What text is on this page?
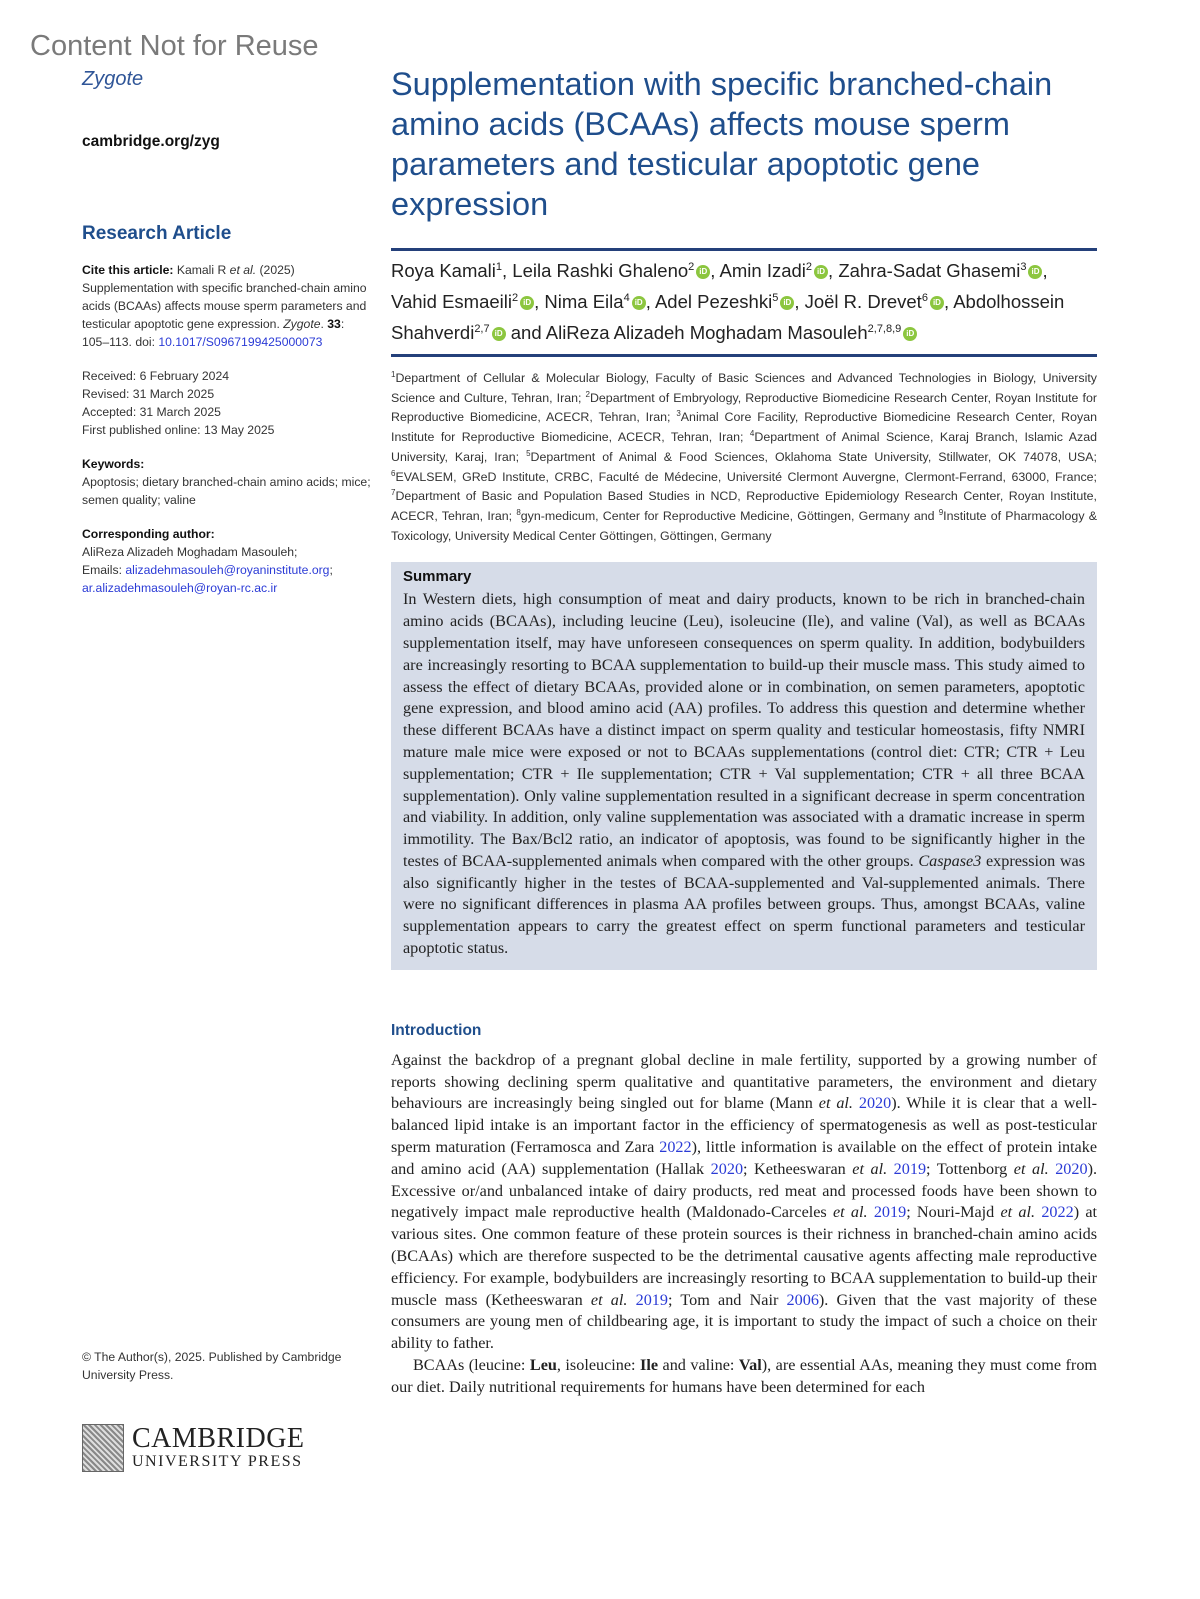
Content Not for Reuse
Zygote
cambridge.org/zyg
Research Article
Cite this article: Kamali R et al. (2025) Supplementation with specific branched-chain amino acids (BCAAs) affects mouse sperm parameters and testicular apoptotic gene expression. Zygote. 33: 105–113. doi: 10.1017/S0967199425000073
Received: 6 February 2024
Revised: 31 March 2025
Accepted: 31 March 2025
First published online: 13 May 2025
Keywords:
Apoptosis; dietary branched-chain amino acids; mice; semen quality; valine
Corresponding author:
AliReza Alizadeh Moghadam Masouleh;
Emails: alizadehmasouleh@royaninstitute.org;
ar.alizadehmasouleh@royan-rc.ac.ir
© The Author(s), 2025. Published by Cambridge University Press.
CAMBRIDGE
UNIVERSITY PRESS
Supplementation with specific branched-chain amino acids (BCAAs) affects mouse sperm parameters and testicular apoptotic gene expression
Roya Kamali$^1$, Leila Rashki Ghaleno$^2$ iD , Amin Izadi$^2$ iD , Zahra-Sadat Ghasemi$^3$ iD , Vahid Esmaeili$^2$ iD , Nima Eila$^4$ iD , Adel Pezeshki$^5$ iD , Joël R. Drevet$^6$ iD , Abdolhossein Shahverdi$^{2,7}$ iD and AliReza Alizadeh Moghadam Masouleh$^{2,7,8,9}$ iD
$^1$Department of Cellular & Molecular Biology, Faculty of Basic Sciences and Advanced Technologies in Biology, University Science and Culture, Tehran, Iran; $^2$Department of Embryology, Reproductive Biomedicine Research Center, Royan Institute for Reproductive Biomedicine, ACECR, Tehran, Iran; $^3$Animal Core Facility, Reproductive Biomedicine Research Center, Royan Institute for Reproductive Biomedicine, ACECR, Tehran, Iran; $^4$Department of Animal Science, Karaj Branch, Islamic Azad University, Karaj, Iran; $^5$Department of Animal & Food Sciences, Oklahoma State University, Stillwater, OK 74078, USA; $^6$EVALSEM, GReD Institute, CRBC, Faculté de Médecine, Université Clermont Auvergne, Clermont-Ferrand, 63000, France; $^7$Department of Basic and Population Based Studies in NCD, Reproductive Epidemiology Research Center, Royan Institute, ACECR, Tehran, Iran; $^8$gyn-medicum, Center for Reproductive Medicine, Göttingen, Germany and $^9$Institute of Pharmacology & Toxicology, University Medical Center Göttingen, Göttingen, Germany
Summary
In Western diets, high consumption of meat and dairy products, known to be rich in branched-chain amino acids (BCAAs), including leucine (Leu), isoleucine (Ile), and valine (Val), as well as BCAAs supplementation itself, may have unforeseen consequences on sperm quality. In addition, bodybuilders are increasingly resorting to BCAA supplementation to build-up their muscle mass. This study aimed to assess the effect of dietary BCAAs, provided alone or in combination, on semen parameters, apoptotic gene expression, and blood amino acid (AA) profiles. To address this question and determine whether these different BCAAs have a distinct impact on sperm quality and testicular homeostasis, fifty NMRI mature male mice were exposed or not to BCAAs supplementations (control diet: CTR; CTR + Leu supplementation; CTR + Ile supplementation; CTR + Val supplementation; CTR + all three BCAA supplementation). Only valine supplementation resulted in a significant decrease in sperm concentration and viability. In addition, only valine supplementation was associated with a dramatic increase in sperm immotility. The Bax/Bcl2 ratio, an indicator of apoptosis, was found to be significantly higher in the testes of BCAA-supplemented animals when compared with the other groups. Caspase3 expression was also significantly higher in the testes of BCAA-supplemented and Val-supplemented animals. There were no significant differences in plasma AA profiles between groups. Thus, amongst BCAAs, valine supplementation appears to carry the greatest effect on sperm functional parameters and testicular apoptotic status.
Introduction

Against the backdrop of a pregnant global decline in male fertility, supported by a growing number of reports showing declining sperm qualitative and quantitative parameters, the environment and dietary behaviours are increasingly being singled out for blame (Mann et al. 2020). While it is clear that a well-balanced lipid intake is an important factor in the efficiency of spermatogenesis as well as post-testicular sperm maturation (Ferramosca and Zara 2022), little information is available on the effect of protein intake and amino acid (AA) supplementation (Hallak 2020; Ketheeswaran et al. 2019; Tottenborg et al. 2020). Excessive or/and unbalanced intake of dairy products, red meat and processed foods have been shown to negatively impact male reproductive health (Maldonado-Carceles et al. 2019; Nouri-Majd et al. 2022) at various sites. One common feature of these protein sources is their richness in branched-chain amino acids (BCAAs) which are therefore suspected to be the detrimental causative agents affecting male reproductive efficiency. For example, bodybuilders are increasingly resorting to BCAA supplementation to build-up their muscle mass (Ketheeswaran et al. 2019; Tom and Nair 2006). Given that the vast majority of these consumers are young men of childbearing age, it is important to study the impact of such a choice on their ability to father.

BCAAs (leucine: Leu, isoleucine: Ile and valine: Val), are essential AAs, meaning they must come from our diet. Daily nutritional requirements for humans have been determined for each
